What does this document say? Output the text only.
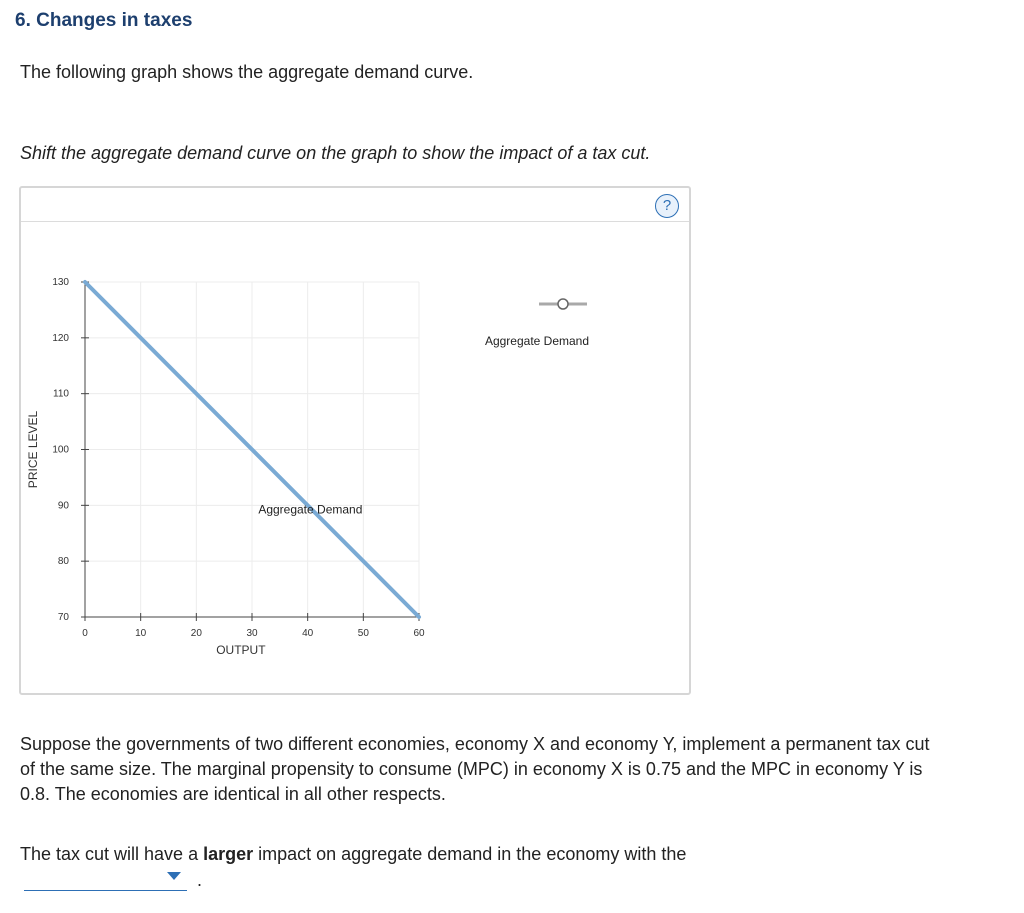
6. Changes in taxes
The following graph shows the aggregate demand curve.
Shift the aggregate demand curve on the graph to show the impact of a tax cut.
?
70
80
90
100
110
120
130
0	10	20	30	40	50	60
OUTPUT
PRICE LEVEL
Aggregate Demand
Aggregate Demand
Suppose the governments of two different economies, economy X and economy Y, implement a permanent tax cut of the same size. The marginal propensity to consume (MPC) in economy X is 0.75 and the MPC in economy Y is 0.8. The economies are identical in all other respects.
The tax cut will have a larger impact on aggregate demand in the economy with the
.
